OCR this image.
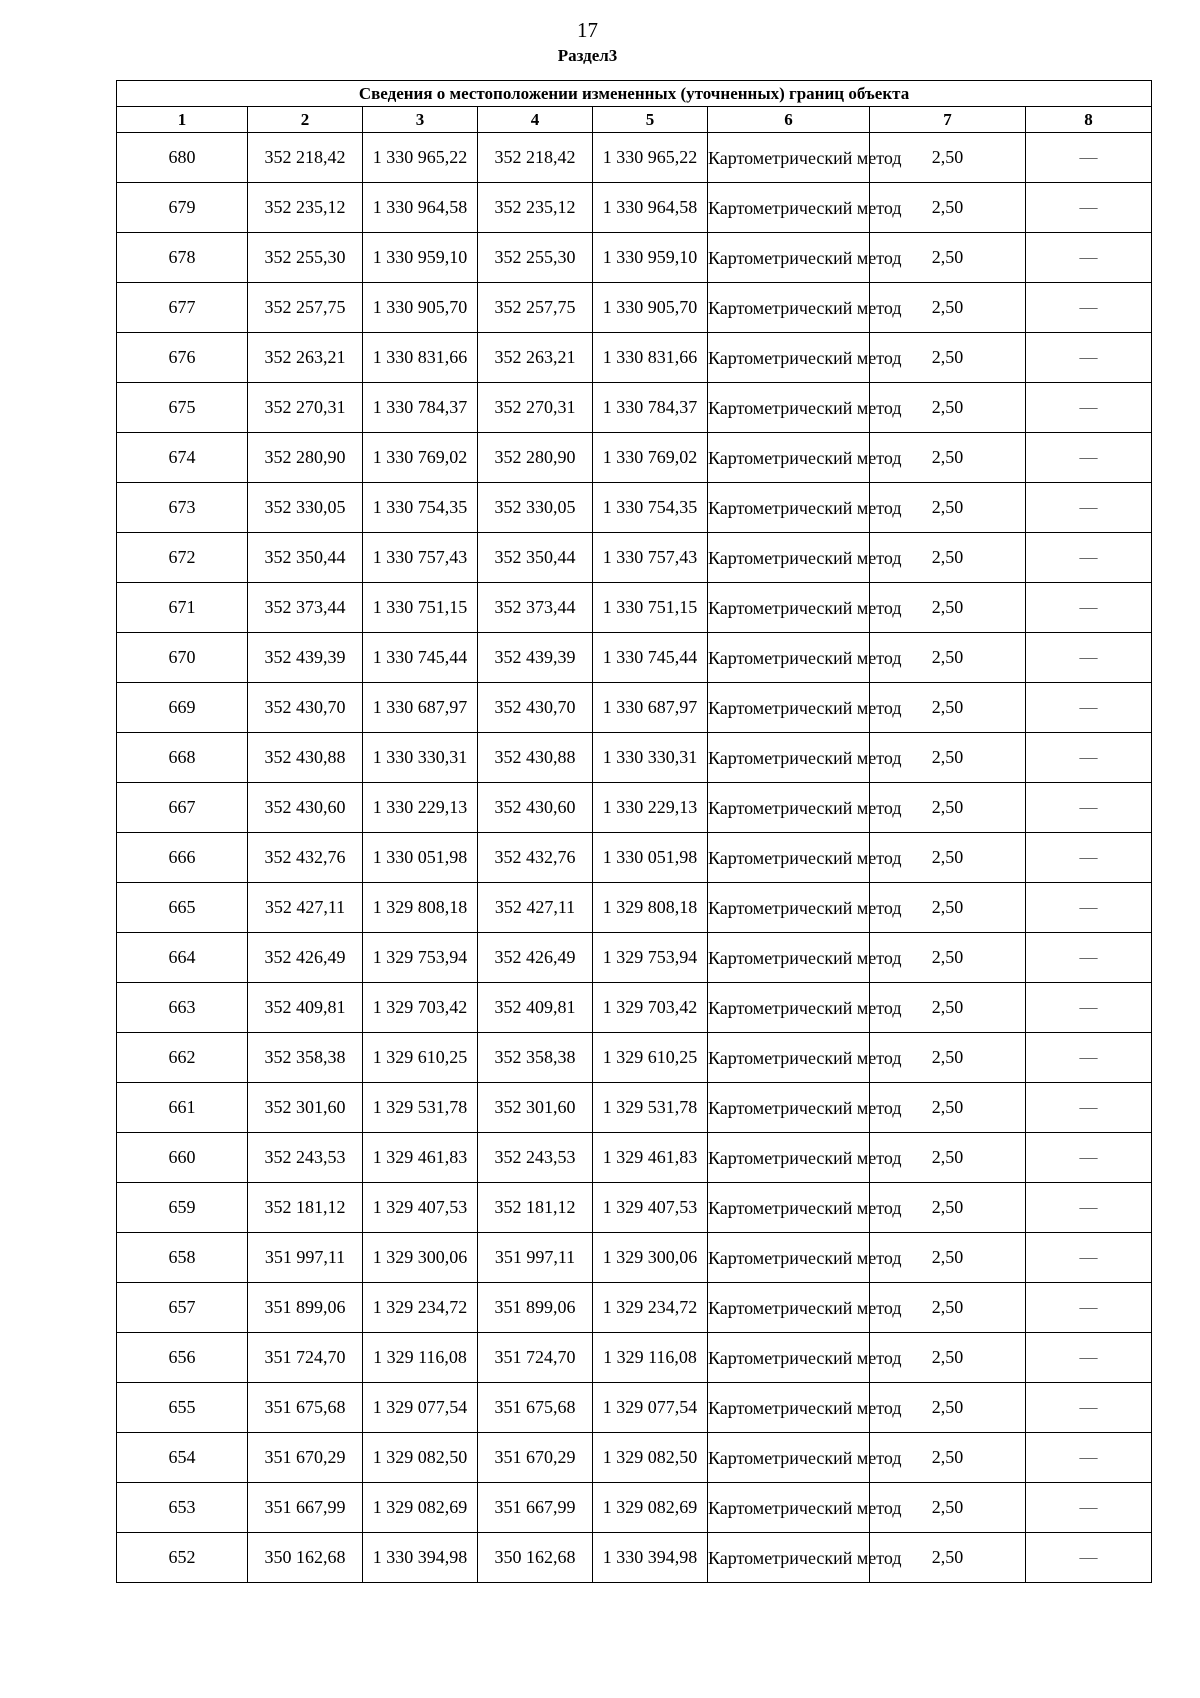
17
Раздел3
Сведения о местоположении измененных (уточненных) границ объекта							
1	2	3	4	5	6	7	8
680	352 218,42	1 330 965,22	352 218,42	1 330 965,22	Картометрический метод	2,50	—
679	352 235,12	1 330 964,58	352 235,12	1 330 964,58	Картометрический метод	2,50	—
678	352 255,30	1 330 959,10	352 255,30	1 330 959,10	Картометрический метод	2,50	—
677	352 257,75	1 330 905,70	352 257,75	1 330 905,70	Картометрический метод	2,50	—
676	352 263,21	1 330 831,66	352 263,21	1 330 831,66	Картометрический метод	2,50	—
675	352 270,31	1 330 784,37	352 270,31	1 330 784,37	Картометрический метод	2,50	—
674	352 280,90	1 330 769,02	352 280,90	1 330 769,02	Картометрический метод	2,50	—
673	352 330,05	1 330 754,35	352 330,05	1 330 754,35	Картометрический метод	2,50	—
672	352 350,44	1 330 757,43	352 350,44	1 330 757,43	Картометрический метод	2,50	—
671	352 373,44	1 330 751,15	352 373,44	1 330 751,15	Картометрический метод	2,50	—
670	352 439,39	1 330 745,44	352 439,39	1 330 745,44	Картометрический метод	2,50	—
669	352 430,70	1 330 687,97	352 430,70	1 330 687,97	Картометрический метод	2,50	—
668	352 430,88	1 330 330,31	352 430,88	1 330 330,31	Картометрический метод	2,50	—
667	352 430,60	1 330 229,13	352 430,60	1 330 229,13	Картометрический метод	2,50	—
666	352 432,76	1 330 051,98	352 432,76	1 330 051,98	Картометрический метод	2,50	—
665	352 427,11	1 329 808,18	352 427,11	1 329 808,18	Картометрический метод	2,50	—
664	352 426,49	1 329 753,94	352 426,49	1 329 753,94	Картометрический метод	2,50	—
663	352 409,81	1 329 703,42	352 409,81	1 329 703,42	Картометрический метод	2,50	—
662	352 358,38	1 329 610,25	352 358,38	1 329 610,25	Картометрический метод	2,50	—
661	352 301,60	1 329 531,78	352 301,60	1 329 531,78	Картометрический метод	2,50	—
660	352 243,53	1 329 461,83	352 243,53	1 329 461,83	Картометрический метод	2,50	—
659	352 181,12	1 329 407,53	352 181,12	1 329 407,53	Картометрический метод	2,50	—
658	351 997,11	1 329 300,06	351 997,11	1 329 300,06	Картометрический метод	2,50	—
657	351 899,06	1 329 234,72	351 899,06	1 329 234,72	Картометрический метод	2,50	—
656	351 724,70	1 329 116,08	351 724,70	1 329 116,08	Картометрический метод	2,50	—
655	351 675,68	1 329 077,54	351 675,68	1 329 077,54	Картометрический метод	2,50	—
654	351 670,29	1 329 082,50	351 670,29	1 329 082,50	Картометрический метод	2,50	—
653	351 667,99	1 329 082,69	351 667,99	1 329 082,69	Картометрический метод	2,50	—
652	350 162,68	1 330 394,98	350 162,68	1 330 394,98	Картометрический метод	2,50	—
